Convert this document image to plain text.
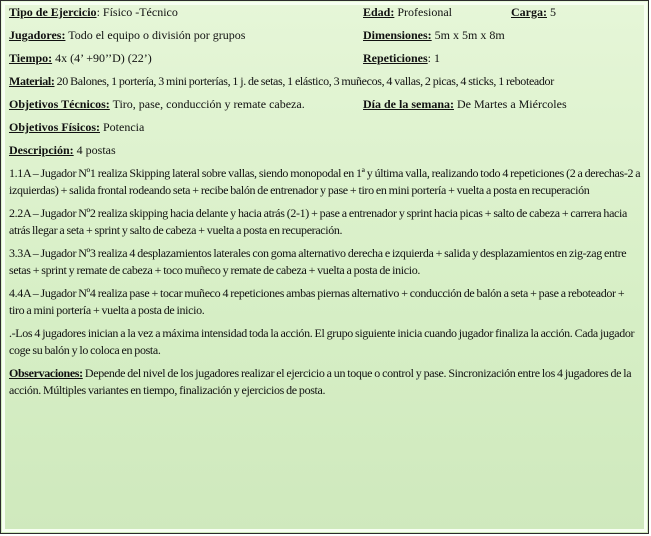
Tipo de Ejercicio: Físico -Técnico	Edad: Profesional	Carga: 5
Jugadores: Todo el equipo o división por grupos	Dimensiones: 5m x 5m x 8m
Tiempo: 4x (4’ +90’’D) (22’)	Repeticiones: 1
Material: 20 Balones, 1 portería, 3 mini porterías, 1 j. de setas, 1 elástico, 3 muñecos, 4 vallas, 2 picas, 4 sticks, 1 reboteador
Objetivos Técnicos: Tiro, pase, conducción y remate cabeza.	Día de la semana: De Martes a Miércoles
Objetivos Físicos: Potencia
Descripción: 4 postas
1.1A – Jugador Nº1 realiza Skipping lateral sobre vallas, siendo monopodal en 1ª y última valla, realizando todo 4 repeticiones (2 a derechas-2 a izquierdas) + salida frontal rodeando seta + recibe balón de entrenador y pase + tiro en mini portería + vuelta a posta en recuperación
2.2A – Jugador Nº2 realiza skipping hacia delante y hacia atrás (2-1) + pase a entrenador y sprint hacia picas + salto de cabeza + carrera hacia atrás llegar a seta + sprint y salto de cabeza + vuelta a posta en recuperación.
3.3A – Jugador Nº3 realiza 4 desplazamientos laterales con goma alternativo derecha e izquierda + salida y desplazamientos en zig-zag entre setas + sprint y remate de cabeza + toco muñeco y remate de cabeza + vuelta a posta de inicio.
4.4A – Jugador Nº4 realiza pase + tocar muñeco 4 repeticiones ambas piernas alternativo + conducción de balón a seta + pase a reboteador + tiro a mini portería + vuelta a posta de inicio.
.-Los 4 jugadores inician a la vez a máxima intensidad toda la acción. El grupo siguiente inicia cuando jugador finaliza la acción. Cada jugador coge su balón y lo coloca en posta.
Observaciones: Depende del nivel de los jugadores realizar el ejercicio a un toque o control y pase. Sincronización entre los 4 jugadores de la acción. Múltiples variantes en tiempo, finalización y ejercicios de posta.
